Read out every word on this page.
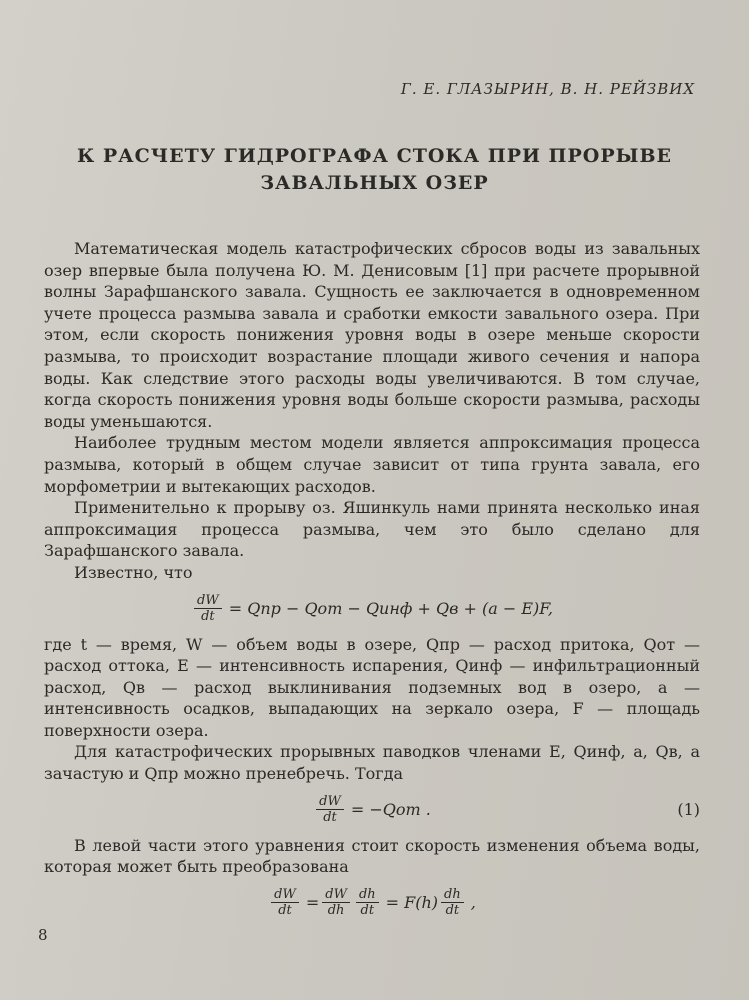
Г. Е. ГЛАЗЫРИН, В. Н. РЕЙЗВИХ
К РАСЧЕТУ ГИДРОГРАФА СТОКА ПРИ ПРОРЫВЕ
ЗАВАЛЬНЫХ ОЗЕР

Математическая модель катастрофических сбросов воды из завальных озер впервые была получена Ю. М. Денисовым [1] при расчете прорывной волны Зарафшанского завала. Сущность ее заключается в одновременном учете процесса размыва завала и сработки емкости завального озера. При этом, если скорость понижения уровня воды в озере меньше скорости размыва, то происходит возрастание площади живого сечения и напора воды. Как следствие этого расходы воды увеличиваются. В том случае, когда скорость понижения уровня воды больше скорости размыва, расходы воды уменьшаются.

Наиболее трудным местом модели является аппроксимация процесса размыва, который в общем случае зависит от типа грунта завала, его морфометрии и вытекающих расходов.

Применительно к прорыву оз. Яшинкуль нами принята несколько иная аппроксимация процесса размыва, чем это было сделано для Зарафшанского завала.

Известно, что

$\frac{dW}{dt}$ = Qпр − Qот − Qинф + Qв + (a − E)F,

где t — время, W — объем воды в озере, Qпр — расход притока, Qот — расход оттока, E — интенсивность испарения, Qинф — инфильтрационный расход, Qв — расход выклинивания подземных вод в озеро, a — интенсивность осадков, выпадающих на зеркало озера, F — площадь поверхности озера.

Для катастрофических прорывных паводков членами E, Qинф, a, Qв, а зачастую и Qпр можно пренебречь. Тогда

$\frac{dW}{dt} = -Qот$ .	(1)

В левой части этого уравнения стоит скорость изменения объема воды, которая может быть преобразована

$\frac{dW}{dt} = \frac{dW}{dh} \frac{dh}{dt} = F(h) \frac{dh}{dt}$ ,
8
